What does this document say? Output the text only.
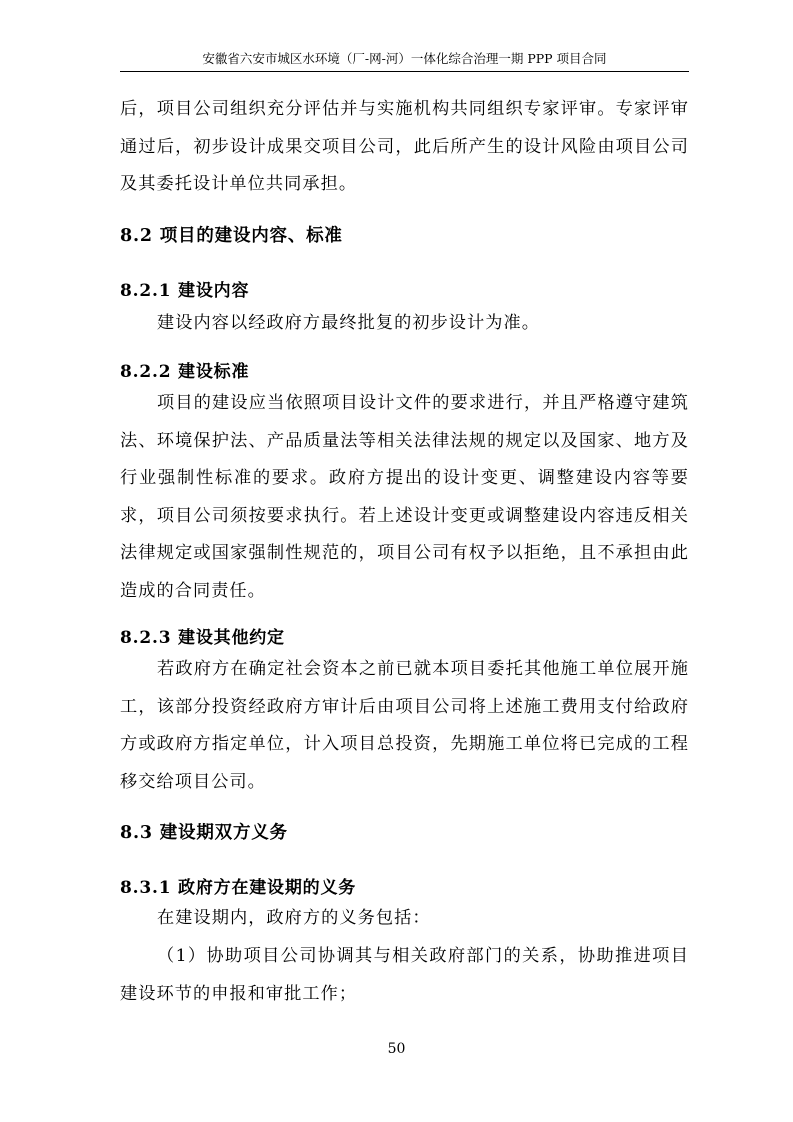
安徽省六安市城区水环境（厂-网-河）一体化综合治理一期 PPP 项目合同

后，项目公司组织充分评估并与实施机构共同组织专家评审。专家评审通过后，初步设计成果交项目公司，此后所产生的设计风险由项目公司及其委托设计单位共同承担。

8.2 项目的建设内容、标准
8.2.1 建设内容

建设内容以经政府方最终批复的初步设计为准。

8.2.2 建设标准

项目的建设应当依照项目设计文件的要求进行，并且严格遵守建筑法、环境保护法、产品质量法等相关法律法规的规定以及国家、地方及行业强制性标准的要求。政府方提出的设计变更、调整建设内容等要求，项目公司须按要求执行。若上述设计变更或调整建设内容违反相关法律规定或国家强制性规范的，项目公司有权予以拒绝，且不承担由此造成的合同责任。

8.2.3 建设其他约定

若政府方在确定社会资本之前已就本项目委托其他施工单位展开施工，该部分投资经政府方审计后由项目公司将上述施工费用支付给政府方或政府方指定单位，计入项目总投资，先期施工单位将已完成的工程移交给项目公司。

8.3 建设期双方义务
8.3.1 政府方在建设期的义务

在建设期内，政府方的义务包括：

（1）协助项目公司协调其与相关政府部门的关系，协助推进项目建设环节的申报和审批工作；

50
